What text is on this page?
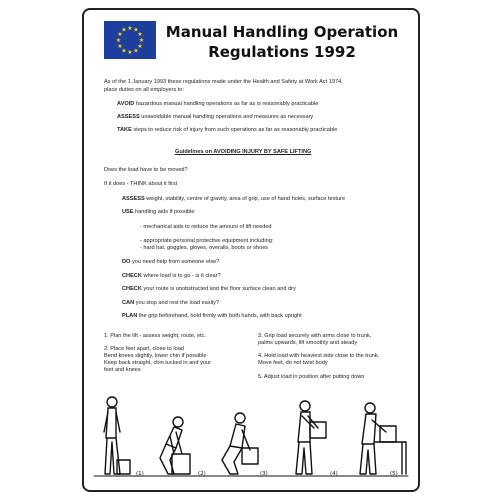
★ ★
★
★
★
★
★
★
★
★
★
★	Manual Handling Operation
Regulations 1992
As of the 1 January 1993 these regulations made under the Health and Safety at Work Act 1974,
place duties on all employers to:
AVOID hazardous manual handling operations as far as is reasonably practicable
ASSESS unavoidable manual handling operations and measures as necessary
TAKE steps to reduce risk of injury from such operations as far as reasonably practicable
Guidelines on AVOIDING INJURY BY SAFE LIFTING
Does the load have to be moved?
If it does - THINK about it first
ASSESS weight, stability, centre of gravity, area of grip, use of hand holes, surface texture
USE handling aids if possible
- mechanical aids to reduce the amount of lift needed
- appropriate personal protective equipment including:
- hard hat, goggles, gloves, overalls, boots or shoes
DO you need help from someone else?
CHECK where load is to go - is it clear?
CHECK your route is unobstructed and the floor surface clean and dry
CAN you stop and rest the load easily?
PLAN the grip beforehand, hold firmly with both hands, with back upright
1. Plan the lift - assess weight, route, etc.
2. Place feet apart, close to load
Bend knees slightly, lower chin if possible
Keep back straight, chin tucked in and your
feet and knees
3. Grip load securely with arms close to trunk,
palms upwards, lift smoothly and steady
4. Hold load with heaviest side close to the trunk.
Move feet, do not twist body
5. Adjust load in position after putting down
(1)	(2)	(3)	(4)	(5)
